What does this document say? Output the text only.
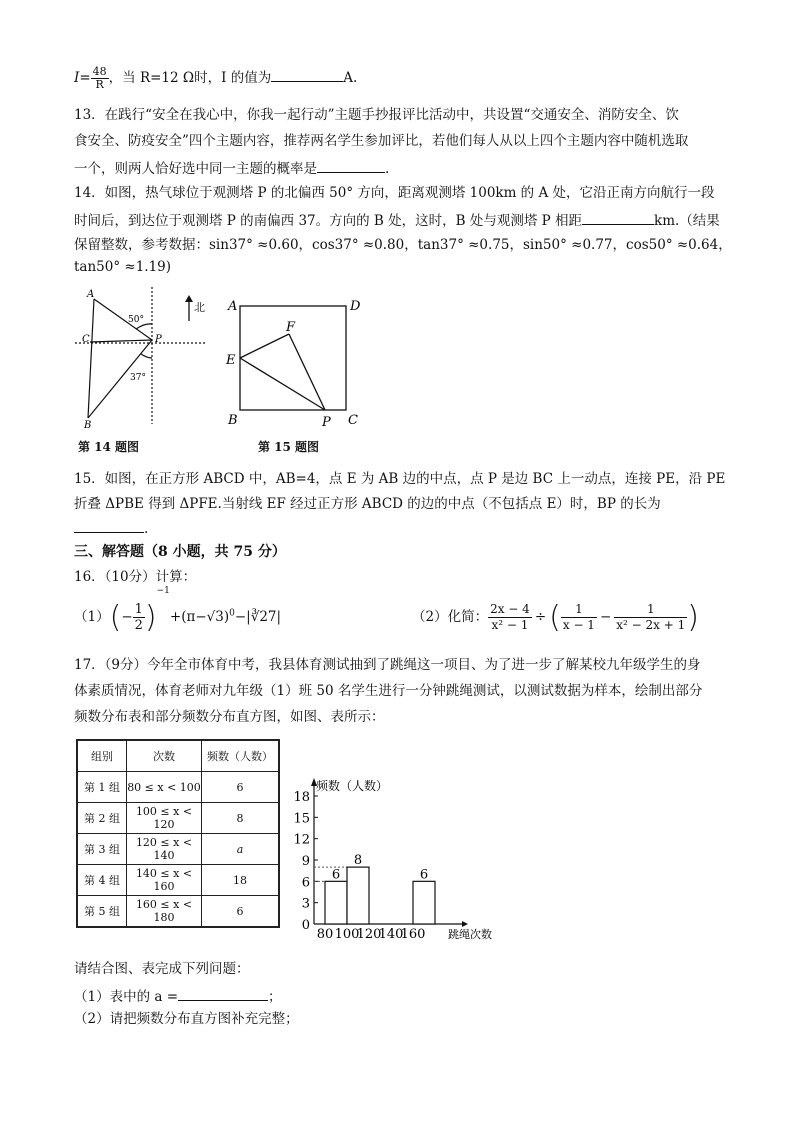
$I= \frac{48}{R}$ ，当 R=12 Ω时，I 的值为	A.
13．在践行“安全在我心中，你我一起行动”主题手抄报评比活动中，共设置“交通安全、消防安全、饮
食安全、防疫安全”四个主题内容，推荐两名学生参加评比，若他们每人从以上四个主题内容中随机选取
一个，则两人恰好选中同一主题的概率是	.
14．如图，热气球位于观测塔 P 的北偏西 50° 方向，距离观测塔 100km 的 A 处，它沿正南方向航行一段
时间后，到达位于观测塔 P 的南偏西 37。方向的 B 处，这时，B 处与观测塔 P 相距	km.（结果
保留整数，参考数据：sin37° ≈0.60，cos37° ≈0.80，tan37° ≈0.75，sin50° ≈0.77，cos50° ≈0.64，
tan50° ≈1.19)
A
C	P
B
50°
37°
北
第 14 题图
A	D
F
E
B	P C
第 15 题图
15．如图，在正方形 ABCD 中，AB=4，点 E 为 AB 边的中点，点 P 是边 BC 上一动点，连接 PE，沿 PE
折叠 ΔPBE 得到 ΔPFE.当射线 EF 经过正方形 ABCD 的边的中点（不包括点 E）时，BP 的长为
.
三、解答题（8 小题，共 75 分）
16．（10分）计算：
$(1)(- \frac{1}{2}$ )$^{-1}+(\pi-√3)^0-|∛27|$	（2）化简： $\frac{2x - 4}{\text{x² − 1}}$ ÷ ( $\frac{1}{x - 1} - \frac{1}{\text{x² − 2x + 1}}$ )
17．（9分）今年全市体育中考，我县体育测试抽到了跳绳这一项目、为了进一步了解某校九年级学生的身
体素质情况，体育老师对九年级（1）班 50 名学生进行一分钟跳绳测试，以测试数据为样本，绘制出部分
频数分布表和部分频数分布直方图，如图、表所示：
组别	次数	频数（人数）
第 1 组	80 ≤ x < 100	6
第 2 组	100 ≤ x < 120	8
第 3 组	120 ≤ x < 140	a
第 4 组	140 ≤ x < 160	18
第 5 组	160 ≤ x < 180	6
0
3
6
9
12
15
18
6
8
6
80 100
120
140
160
频数（人数）
跳绳次数
请结合图、表完成下列问题：
（1）表中的 a =	；
（2）请把频数分布直方图补充完整；
